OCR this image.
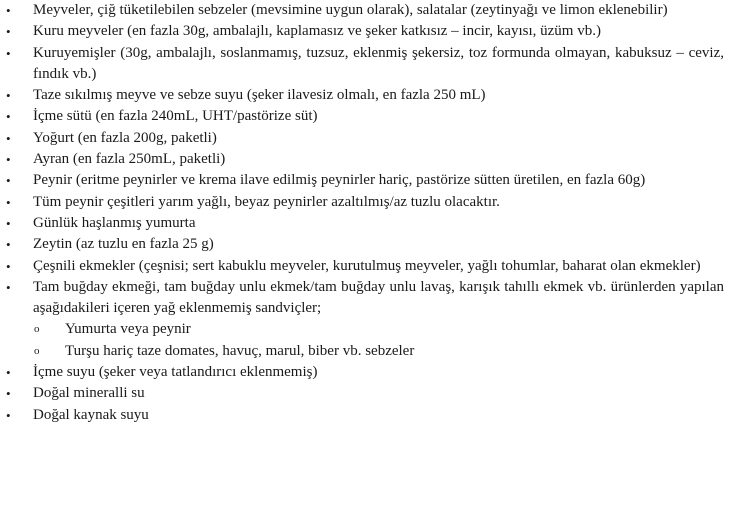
• Meyveler, çiğ tüketilebilen sebzeler (mevsimine uygun olarak), salatalar (zeytinyağı ve limon eklenebilir)
• Kuru meyveler (en fazla 30g, ambalajlı, kaplamasız ve şeker katkısız – incir, kayısı, üzüm vb.)
• Kuruyemişler (30g, ambalajlı, soslanmamış, tuzsuz, eklenmiş şekersiz, toz formunda olmayan, kabuksuz – ceviz, fındık vb.)
• Taze sıkılmış meyve ve sebze suyu (şeker ilavesiz olmalı, en fazla 250 mL)
• İçme sütü (en fazla 240mL, UHT/pastörize süt)
• Yoğurt (en fazla 200g, paketli)
• Ayran (en fazla 250mL, paketli)
• Peynir (eritme peynirler ve krema ilave edilmiş peynirler hariç, pastörize sütten üretilen, en fazla 60g)
• Tüm peynir çeşitleri yarım yağlı, beyaz peynirler azaltılmış/az tuzlu olacaktır.
• Günlük haşlanmış yumurta
• Zeytin (az tuzlu en fazla 25 g)
• Çeşnili ekmekler (çeşnisi; sert kabuklu meyveler, kurutulmuş meyveler, yağlı tohumlar, baharat olan ekmekler)
• Tam buğday ekmeği, tam buğday unlu ekmek/tam buğday unlu lavaş, karışık tahıllı ekmek vb. ürünlerden yapılan aşağıdakileri içeren yağ eklenmemiş sandviçler;
o Yumurta veya peynir
o Turşu hariç taze domates, havuç, marul, biber vb. sebzeler
• İçme suyu (şeker veya tatlandırıcı eklenmemiş)
• Doğal mineralli su
• Doğal kaynak suyu
